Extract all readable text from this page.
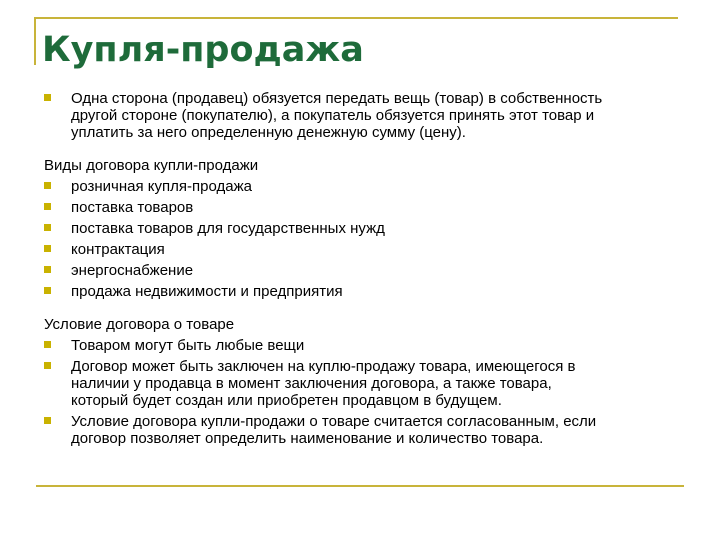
Купля-продажа
Одна сторона (продавец) обязуется передать вещь (товар) в собственность
другой стороне (покупателю), а покупатель обязуется принять этот товар и
уплатить за него определенную денежную сумму (цену).
Виды договора купли-продажи
розничная купля-продажа
поставка товаров
поставка товаров для государственных нужд
контрактация
энергоснабжение
продажа недвижимости и предприятия
Условие договора о товаре
Товаром могут быть любые вещи
Договор может быть заключен на куплю-продажу товара, имеющегося в
наличии у продавца в момент заключения договора, а также товара,
который будет создан или приобретен продавцом в будущем.
Условие договора купли-продажи о товаре считается согласованным, если
договор позволяет определить наименование и количество товара.
